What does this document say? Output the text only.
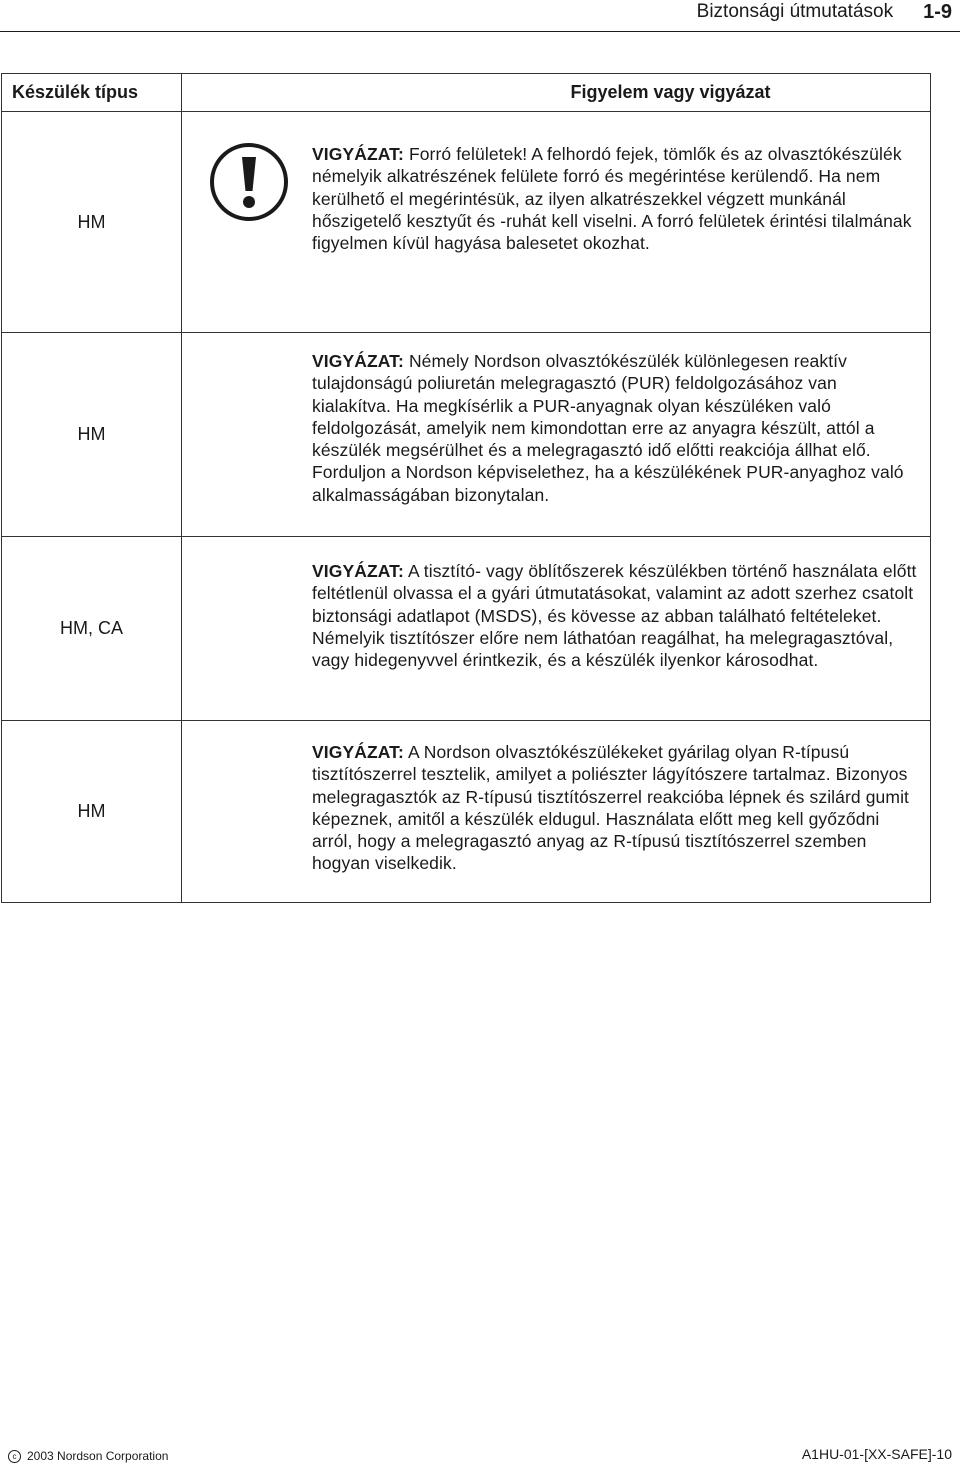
Biztonsági útmutatások 1-9
Készülék típus	Figyelem vagy vigyázat
HM	VIGYÁZAT: Forró felületek! A felhordó fejek, tömlők és az olvasztókészülék némelyik alkatrészének felülete forró és megérintése kerülendő. Ha nem kerülhető el megérintésük, az ilyen alkatrészekkel végzett munkánál hőszigetelő kesztyűt és ‑ruhát kell viselni. A forró felületek érintési tilalmának figyelmen kívül hagyása balesetet okozhat.

HM	VIGYÁZAT: Némely Nordson olvasztókészülék különlegesen reaktív tulajdonságú poliuretán melegragasztó (PUR) feldolgozásához van kialakítva. Ha megkísérlik a PUR‑anyagnak olyan készüléken való feldolgozását, amelyik nem kimondottan erre az anyagra készült, attól a készülék megsérülhet és a melegragasztó idő előtti reakciója állhat elő. Forduljon a Nordson képviselethez, ha a készülékének PUR‑anyaghoz való alkalmasságában bizonytalan.

HM, CA	VIGYÁZAT: A tisztító‑ vagy öblítőszerek készülékben történő használata előtt feltétlenül olvassa el a gyári útmutatásokat, valamint az adott szerhez csatolt biztonsági adatlapot (MSDS), és kövesse az abban található feltételeket. Némelyik tisztítószer előre nem láthatóan reagálhat, ha melegragasztóval, vagy hidegenyvvel érintkezik, és a készülék ilyenkor károsodhat.

HM	VIGYÁZAT: A Nordson olvasztókészülékeket gyárilag olyan R‑típusú tisztítószerrel tesztelik, amilyet a poliészter lágyítószere tartalmaz. Bizonyos melegragasztók az R‑típusú tisztítószerrel reakcióba lépnek és szilárd gumit képeznek, amitől a készülék eldugul. Használata előtt meg kell győződni arról, hogy a melegragasztó anyag az R‑típusú tisztítószerrel szemben hogyan viselkedik.
c 2003 Nordson Corporation	A1HU‑01‑[XX‑SAFE]‑10
